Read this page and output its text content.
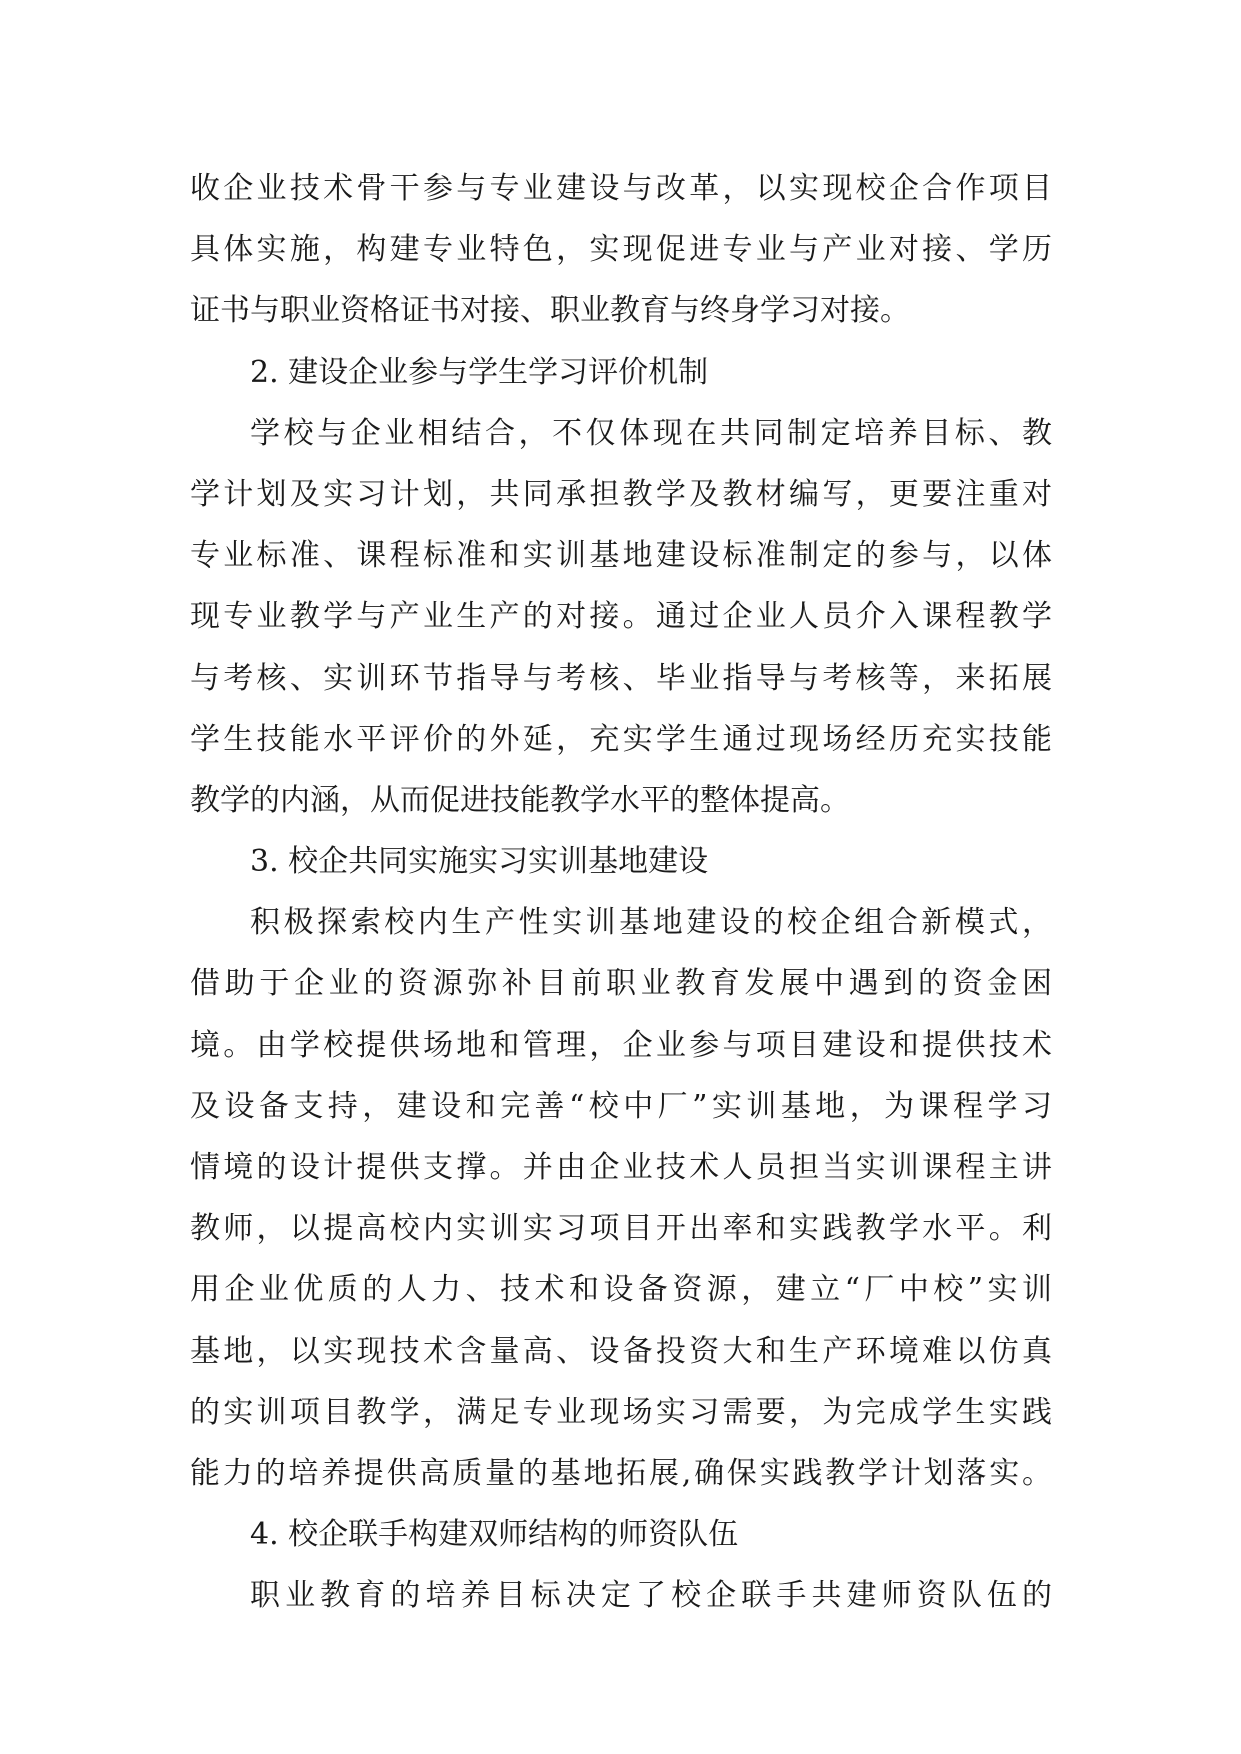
收企业技术骨干参与专业建设与改革，以实现校企合作项目
具体实施，构建专业特色，实现促进专业与产业对接、学历
证书与职业资格证书对接、职业教育与终身学习对接。
2. 建设企业参与学生学习评价机制
学校与企业相结合，不仅体现在共同制定培养目标、教
学计划及实习计划，共同承担教学及教材编写，更要注重对
专业标准、课程标准和实训基地建设标准制定的参与，以体
现专业教学与产业生产的对接。通过企业人员介入课程教学
与考核、实训环节指导与考核、毕业指导与考核等，来拓展
学生技能水平评价的外延，充实学生通过现场经历充实技能
教学的内涵，从而促进技能教学水平的整体提高。
3. 校企共同实施实习实训基地建设
积极探索校内生产性实训基地建设的校企组合新模式，
借助于企业的资源弥补目前职业教育发展中遇到的资金困
境。由学校提供场地和管理，企业参与项目建设和提供技术
及设备支持，建设和完善“校中厂”实训基地，为课程学习
情境的设计提供支撑。并由企业技术人员担当实训课程主讲
教师，以提高校内实训实习项目开出率和实践教学水平。利
用企业优质的人力、技术和设备资源，建立“厂中校”实训
基地，以实现技术含量高、设备投资大和生产环境难以仿真
的实训项目教学，满足专业现场实习需要，为完成学生实践
能力的培养提供高质量的基地拓展,确保实践教学计划落实。
4. 校企联手构建双师结构的师资队伍
职业教育的培养目标决定了校企联手共建师资队伍的
